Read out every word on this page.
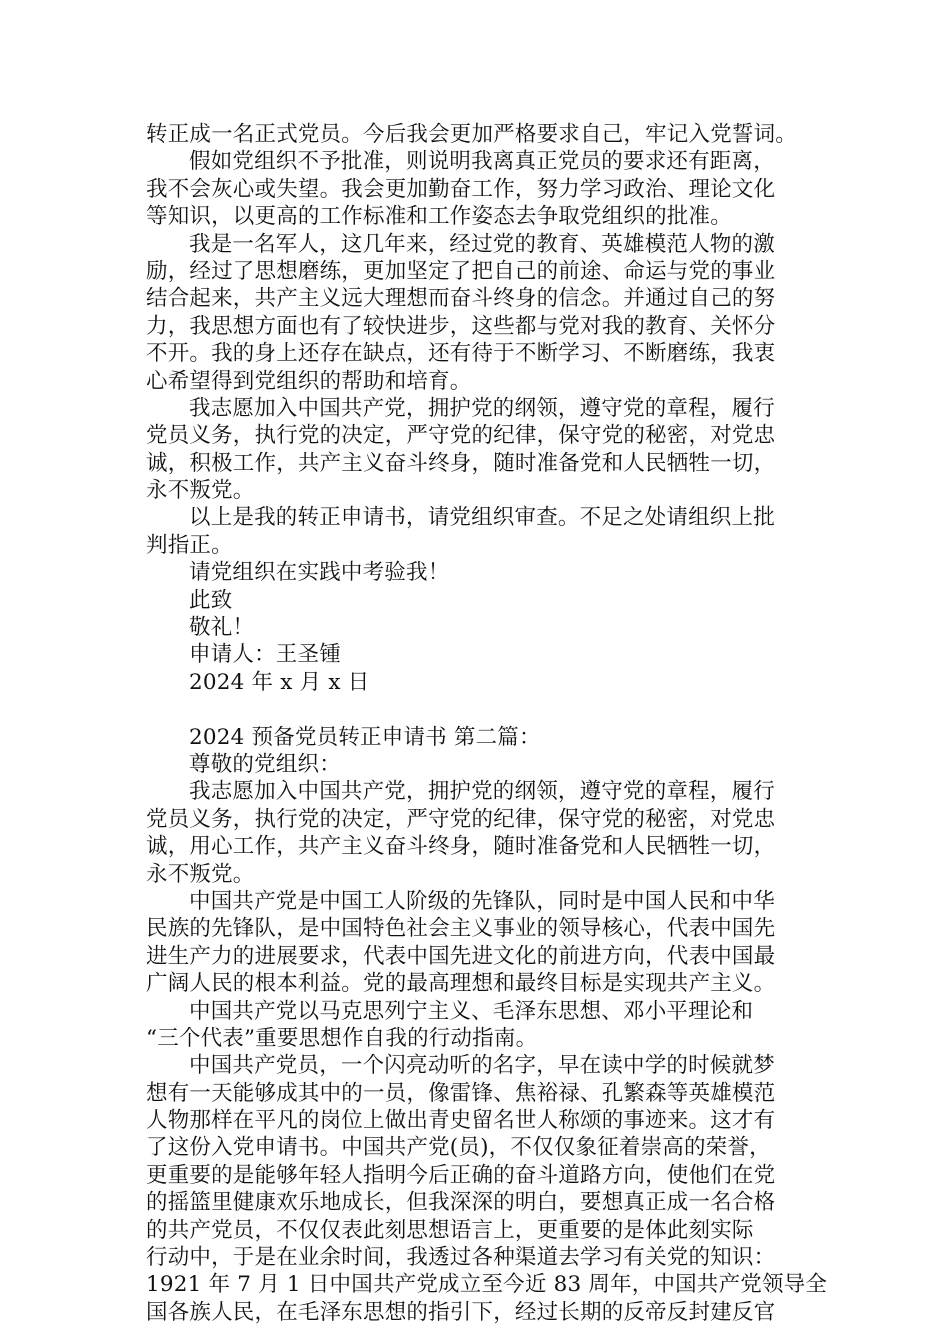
转正成一名正式党员。今后我会更加严格要求自己，牢记入党誓词。
假如党组织不予批准，则说明我离真正党员的要求还有距离，
我不会灰心或失望。我会更加勤奋工作，努力学习政治、理论文化
等知识，以更高的工作标准和工作姿态去争取党组织的批准。
我是一名军人，这几年来，经过党的教育、英雄模范人物的激
励，经过了思想磨练，更加坚定了把自己的前途、命运与党的事业
结合起来，共产主义远大理想而奋斗终身的信念。并通过自己的努
力，我思想方面也有了较快进步，这些都与党对我的教育、关怀分
不开。我的身上还存在缺点，还有待于不断学习、不断磨练，我衷
心希望得到党组织的帮助和培育。
我志愿加入中国共产党，拥护党的纲领，遵守党的章程，履行
党员义务，执行党的决定，严守党的纪律，保守党的秘密，对党忠
诚，积极工作，共产主义奋斗终身，随时准备党和人民牺牲一切，
永不叛党。
以上是我的转正申请书，请党组织审查。不足之处请组织上批
判指正。
请党组织在实践中考验我！
此致
敬礼！
申请人：王圣锺
2024 年 x 月 x 日
2024 预备党员转正申请书 第二篇：
尊敬的党组织：
我志愿加入中国共产党，拥护党的纲领，遵守党的章程，履行
党员义务，执行党的决定，严守党的纪律，保守党的秘密，对党忠
诚，用心工作，共产主义奋斗终身，随时准备党和人民牺牲一切，
永不叛党。
中国共产党是中国工人阶级的先锋队，同时是中国人民和中华
民族的先锋队，是中国特色社会主义事业的领导核心，代表中国先
进生产力的进展要求，代表中国先进文化的前进方向，代表中国最
广阔人民的根本利益。党的最高理想和最终目标是实现共产主义。
中国共产党以马克思列宁主义、毛泽东思想、邓小平理论和
“三个代表”重要思想作自我的行动指南。
中国共产党员，一个闪亮动听的名字，早在读中学的时候就梦
想有一天能够成其中的一员，像雷锋、焦裕禄、孔繁森等英雄模范
人物那样在平凡的岗位上做出青史留名世人称颂的事迹来。这才有
了这份入党申请书。中国共产党(员)，不仅仅象征着崇高的荣誉，
更重要的是能够年轻人指明今后正确的奋斗道路方向，使他们在党
的摇篮里健康欢乐地成长，但我深深的明白，要想真正成一名合格
的共产党员，不仅仅表此刻思想语言上，更重要的是体此刻实际
行动中，于是在业余时间，我透过各种渠道去学习有关党的知识：
1921 年 7 月 1 日中国共产党成立至今近 83 周年，中国共产党领导全
国各族人民，在毛泽东思想的指引下，经过长期的反帝反封建反官
